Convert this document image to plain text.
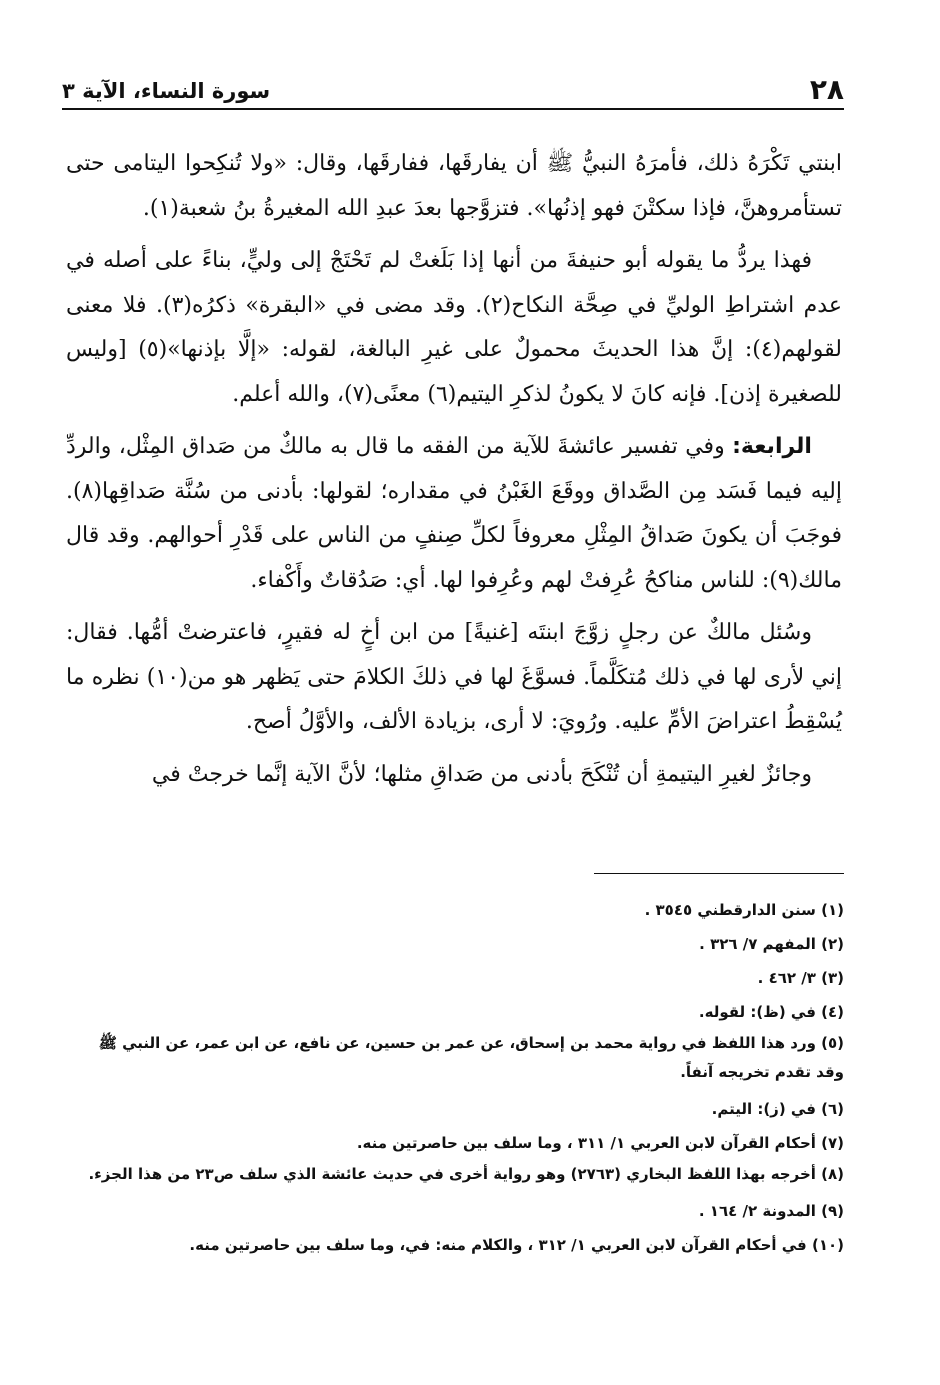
٢٨
سورة النساء، الآية ٣

ابنتي تَكْرَهُ ذلك، فأمرَهُ النبيُّ ﷺ أن يفارقَها، ففارقَها، وقال: «ولا تُنكِحوا اليتامى حتى تستأمروهنَّ، فإذا سكتْنَ فهو إذنُها». فتزوَّجها بعدَ عبدِ الله المغيرةُ بنُ شعبة(١).

فهذا يردُّ ما يقوله أبو حنيفةَ من أنها إذا بَلَغتْ لم تَحْتَجْ إلى وليٍّ، بناءً على أصله في عدم اشتراطِ الوليِّ في صِحَّة النكاح(٢). وقد مضى في «البقرة» ذكرُه(٣). فلا معنى لقولهم(٤): إنَّ هذا الحديثَ محمولٌ على غيرِ البالغة، لقوله: «إلَّا بإذنها»(٥) [وليس للصغيرة إذن]. فإنه كانَ لا يكونُ لذكرِ اليتيم(٦) معنًى(٧)، والله أعلم.

الرابعة: وفي تفسير عائشةَ للآية من الفقه ما قال به مالكٌ من صَداق المِثْل، والردِّ إليه فيما فَسَد مِن الصَّداق ووقَعَ الغَبْنُ في مقداره؛ لقولها: بأدنى من سُنَّة صَداقِها(٨). فوجَبَ أن يكونَ صَداقُ المِثْلِ معروفاً لكلِّ صِنفٍ من الناس على قَدْرِ أحوالهم. وقد قال مالك(٩): للناس مناكحُ عُرِفتْ لهم وعُرِفوا لها. أي: صَدُقاتٌ وأَكْفاء.

وسُئل مالكٌ عن رجلٍ زوَّجَ ابنتَه [غنيةً] من ابن أخٍ له فقيرٍ، فاعترضتْ أمُّها. فقال: إني لأرى لها في ذلك مُتكَلَّماً. فسوَّغَ لها في ذلكَ الكلامَ حتى يَظهر هو من(١٠) نظره ما يُسْقِطُ اعتراضَ الأمِّ عليه. ورُويَ: لا أرى، بزيادة الألف، والأوَّلُ أصح.

وجائزٌ لغيرِ اليتيمةِ أن تُنْكَحَ بأدنى من صَداقِ مثلها؛ لأنَّ الآية إنَّما خرجتْ في

(١) سنن الدارقطني ٣٥٤٥ .

(٢) المفهم ٧/ ٣٢٦ .

(٣) ٣/ ٤٦٢ .

(٤) في (ظ): لقوله.

(٥) ورد هذا اللفظ في رواية محمد بن إسحاق، عن عمر بن حسين، عن نافع، عن ابن عمر، عن النبي ﷺ وقد تقدم تخريجه آنفاً.

(٦) في (ز): اليتم.

(٧) أحكام القرآن لابن العربي ١/ ٣١١ ، وما سلف بين حاصرتين منه.

(٨) أخرجه بهذا اللفظ البخاري (٢٧٦٣) وهو رواية أخرى في حديث عائشة الذي سلف ص٢٣ من هذا الجزء.

(٩) المدونة ٢/ ١٦٤ .

(١٠) في أحكام القرآن لابن العربي ١/ ٣١٢ ، والكلام منه: في، وما سلف بين حاصرتين منه.
